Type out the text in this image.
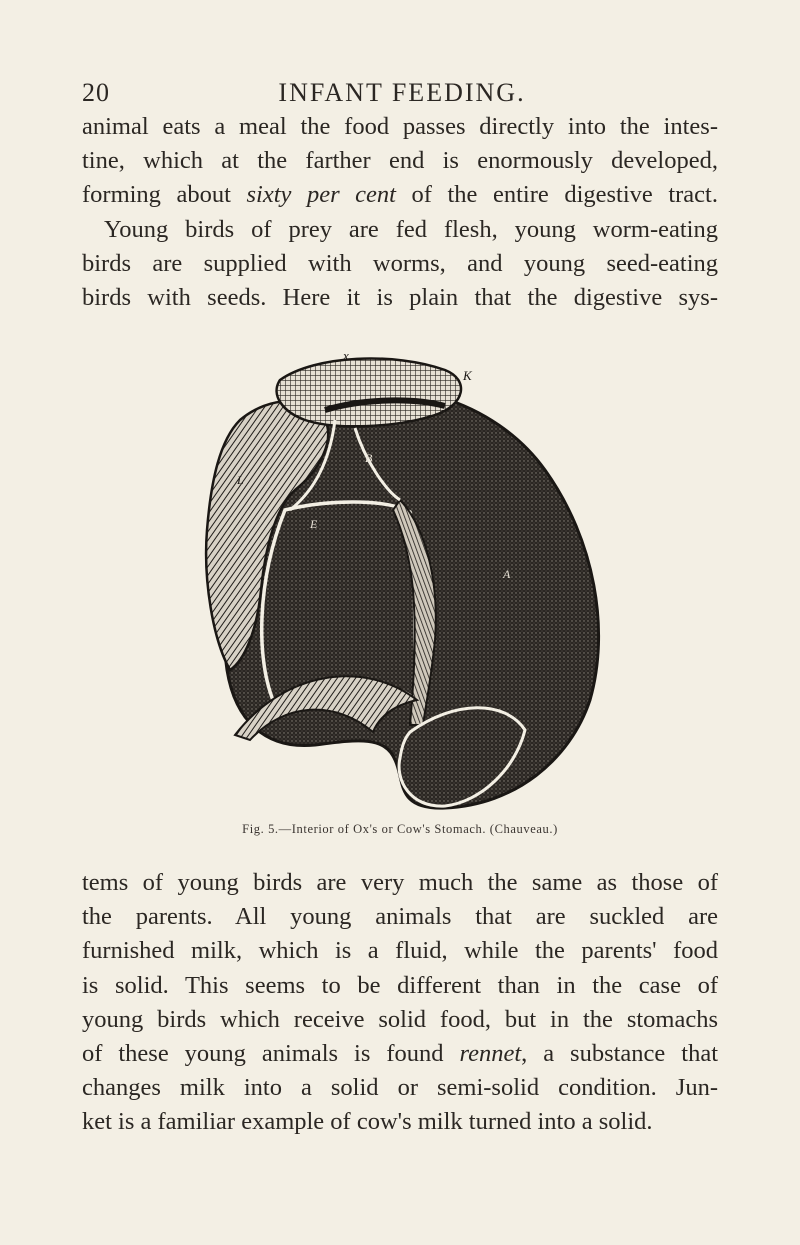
20	INFANT FEEDING.
animal eats a meal the food passes directly into the intes-
tine, which at the farther end is enormously developed,
forming about sixty per cent of the entire digestive tract.
Young birds of prey are fed flesh, young worm-eating
birds are supplied with worms, and young seed-eating
birds with seeds. Here it is plain that the digestive sys-
x
K
B
L
E
A
Fig. 5.—Interior of Ox's or Cow's Stomach. (Chauveau.)
tems of young birds are very much the same as those of
the parents. All young animals that are suckled are
furnished milk, which is a fluid, while the parents' food
is solid. This seems to be different than in the case of
young birds which receive solid food, but in the stomachs
of these young animals is found rennet, a substance that
changes milk into a solid or semi-solid condition. Jun-
ket is a familiar example of cow's milk turned into a solid.
